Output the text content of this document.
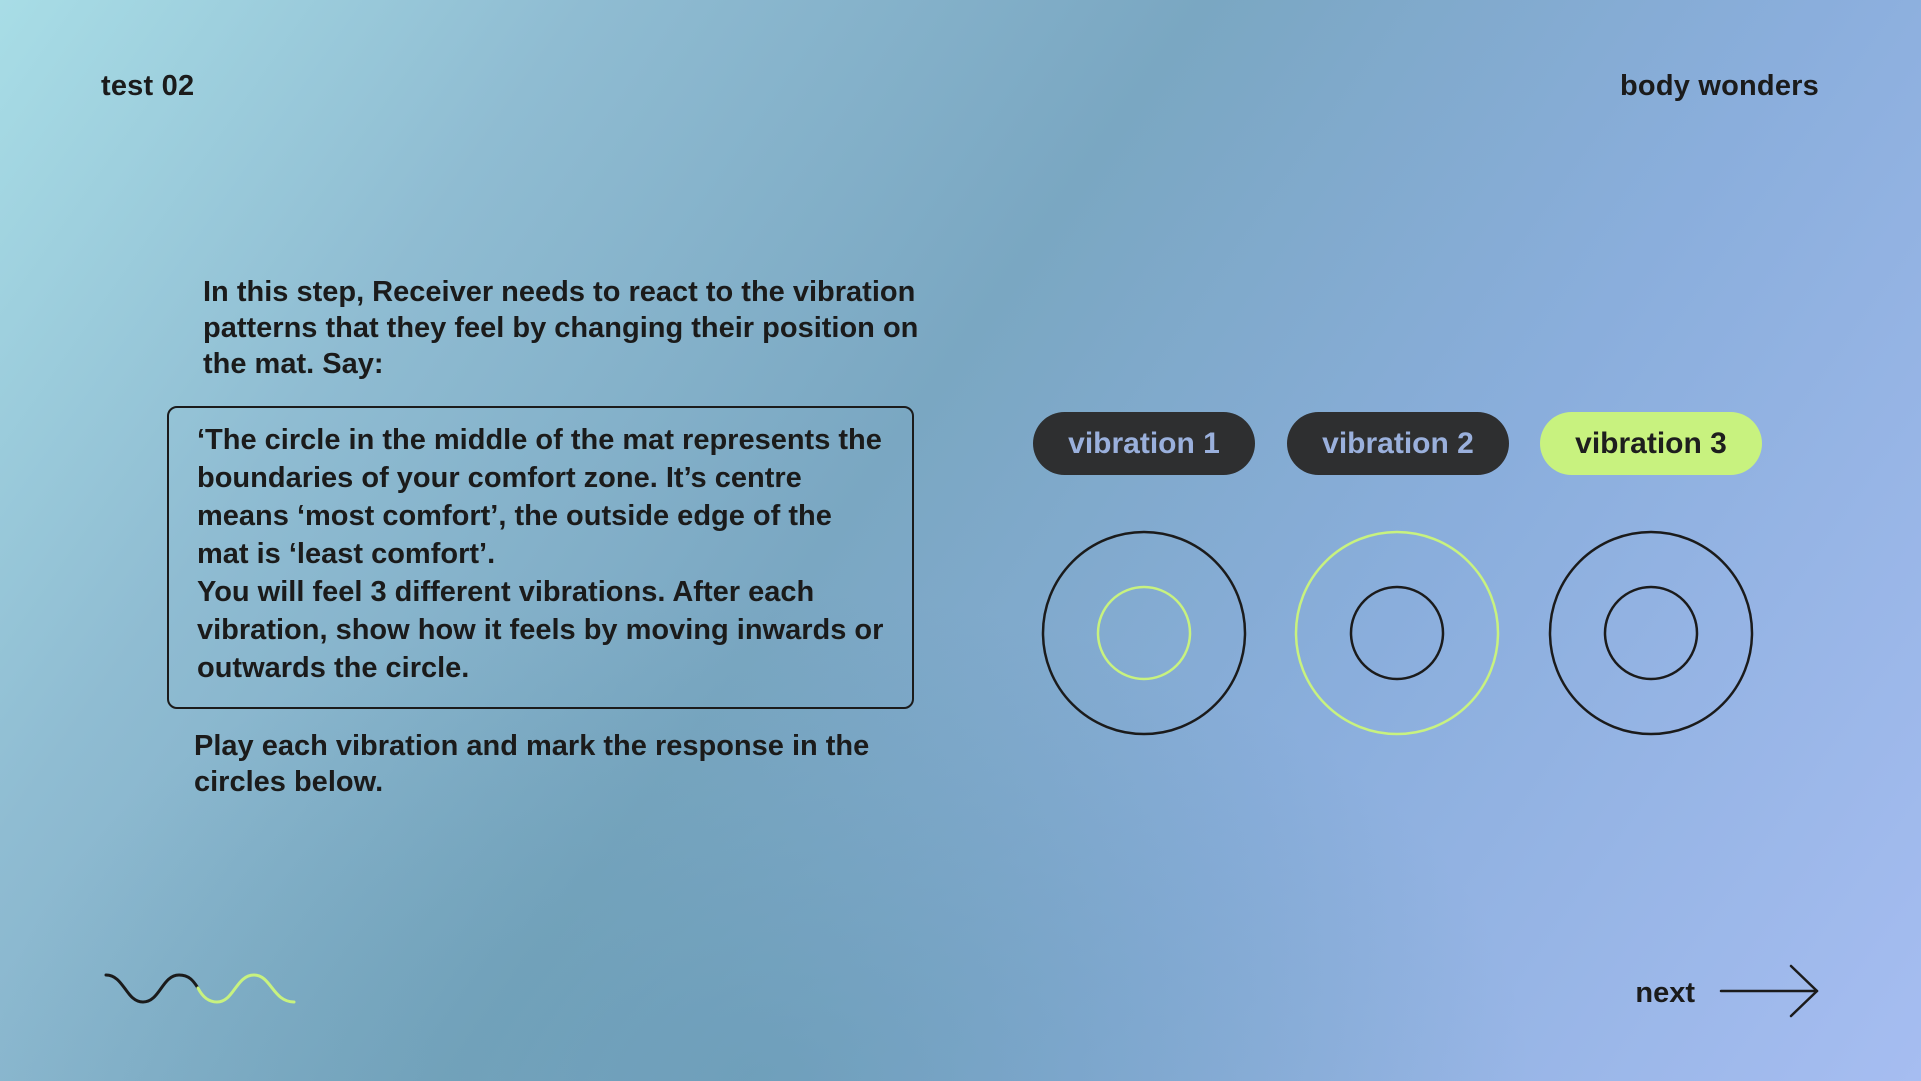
test 02	body wonders
In this step, Receiver needs to react to the vibration patterns that they feel by changing their position on the mat. Say:
‘The circle in the middle of the mat represents the
boundaries of your comfort zone. It’s centre
means ‘most comfort’, the outside edge of the
mat is ‘least comfort’.
You will feel 3 different vibrations. After each
vibration, show how it feels by moving inwards or
outwards the circle.
Play each vibration and mark the response in the circles below.
vibration 1	vibration 2	vibration 3
next
